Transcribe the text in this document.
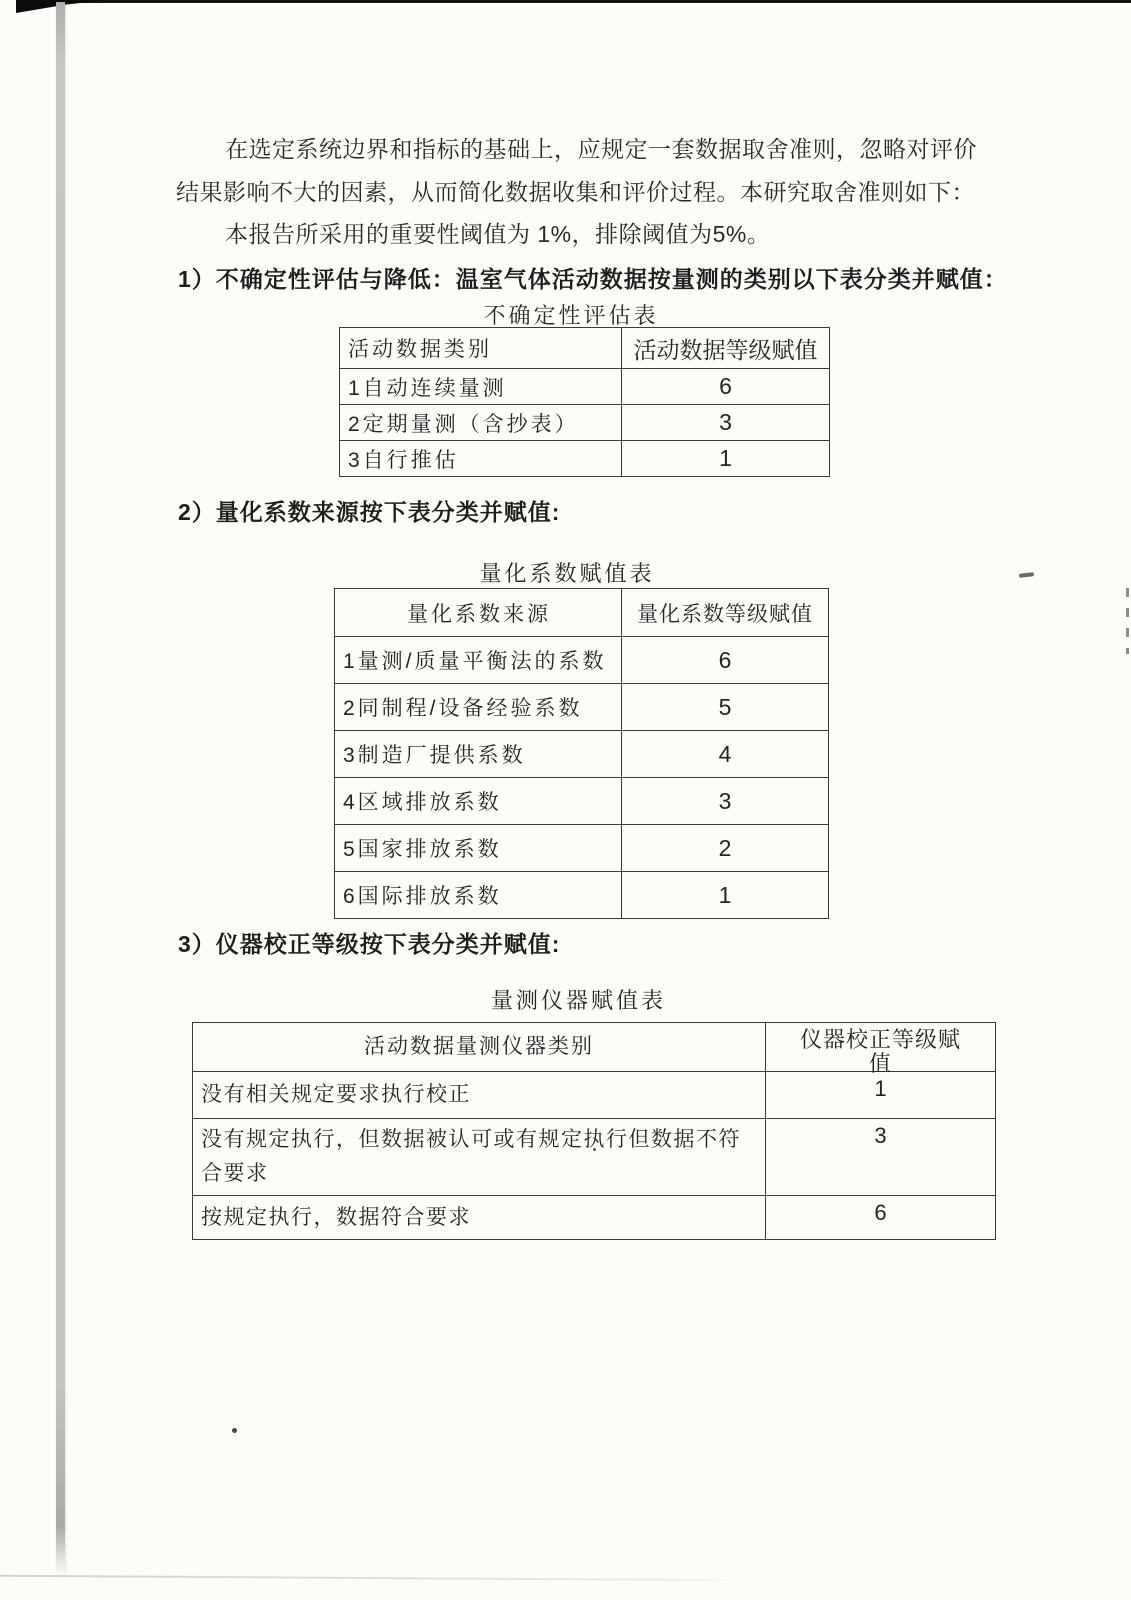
在选定系统边界和指标的基础上，应规定一套数据取舍准则，忽略对评价
结果影响不大的因素，从而简化数据收集和评价过程。本研究取舍准则如下：
本报告所采用的重要性阈值为 1%，排除阈值为5%。
1）不确定性评估与降低：温室气体活动数据按量测的类别以下表分类并赋值：
不确定性评估表
活动数据类别	活动数据等级赋值
1自动连续量测	6
2定期量测（含抄表）	3
3自行推估	1
2）量化系数来源按下表分类并赋值:
量化系数赋值表
量化系数来源	量化系数等级赋值
1量测/质量平衡法的系数	6
2同制程/设备经验系数	5
3制造厂提供系数	4
4区域排放系数	3
5国家排放系数	2
6国际排放系数	1
3）仪器校正等级按下表分类并赋值:
量测仪器赋值表
活动数据量测仪器类别	仪器校正等级赋
值

没有相关规定要求执行校正	1
没有规定执行，但数据被认可或有规定执行但数据不符合要求	3
按规定执行，数据符合要求	6
